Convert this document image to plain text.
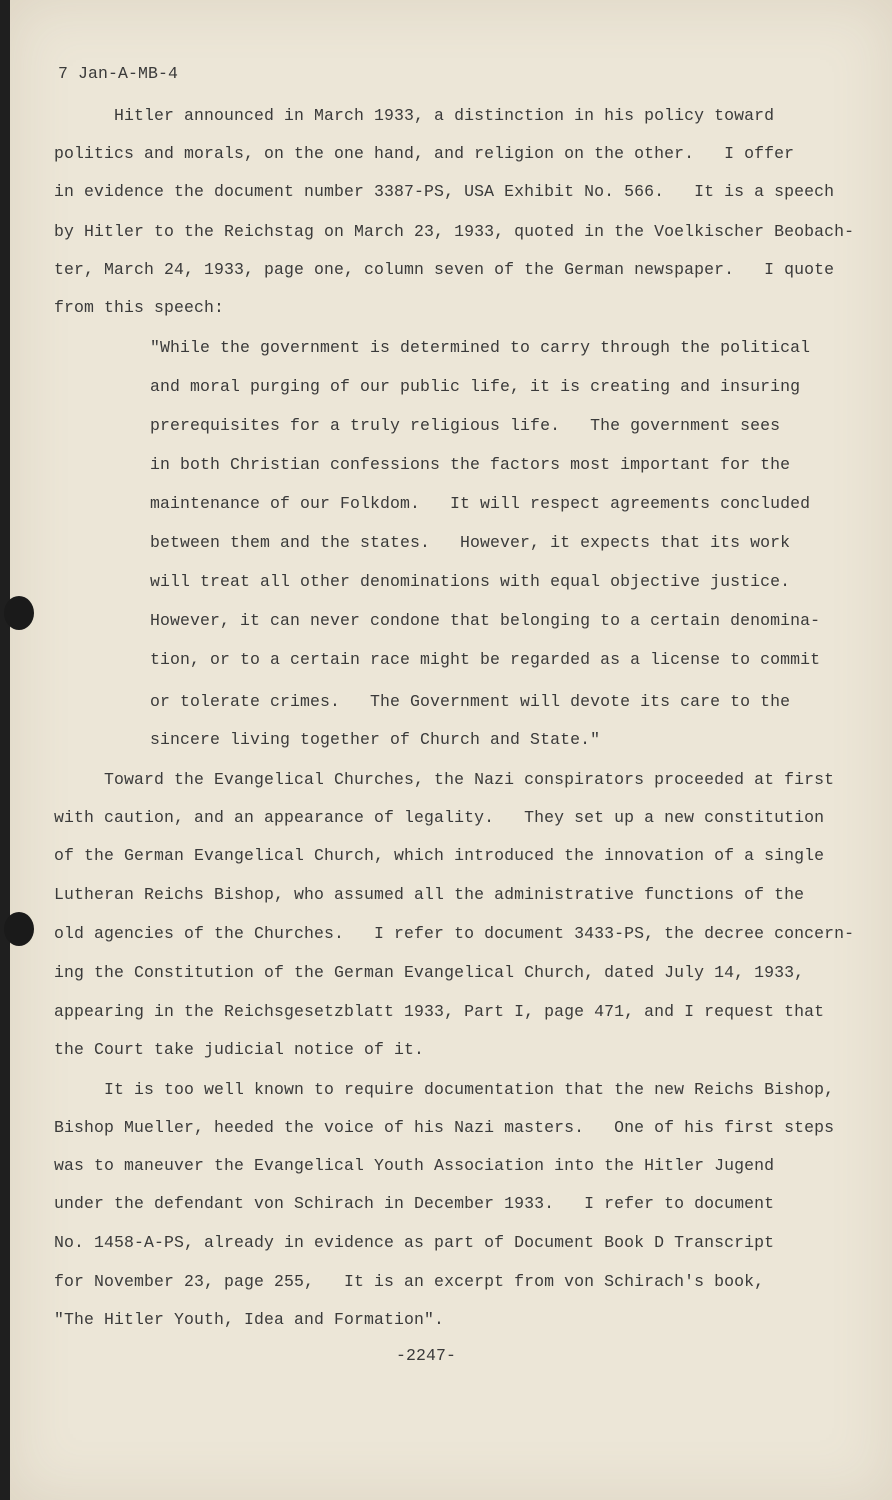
7 Jan-A-MB-4
Hitler announced in March 1933, a distinction in his policy toward
politics and morals, on the one hand, and religion on the other.   I offer
in evidence the document number 3387-PS, USA Exhibit No. 566.   It is a speech
by Hitler to the Reichstag on March 23, 1933, quoted in the Voelkischer Beobach-
ter, March 24, 1933, page one, column seven of the German newspaper.   I quote
from this speech:
"While the government is determined to carry through the political
and moral purging of our public life, it is creating and insuring
prerequisites for a truly religious life.   The government sees
in both Christian confessions the factors most important for the
maintenance of our Folkdom.   It will respect agreements concluded
between them and the states.   However, it expects that its work
will treat all other denominations with equal objective justice.
However, it can never condone that belonging to a certain denomina-
tion, or to a certain race might be regarded as a license to commit
or tolerate crimes.   The Government will devote its care to the
sincere living together of Church and State."
Toward the Evangelical Churches, the Nazi conspirators proceeded at first
with caution, and an appearance of legality.   They set up a new constitution
of the German Evangelical Church, which introduced the innovation of a single
Lutheran Reichs Bishop, who assumed all the administrative functions of the
old agencies of the Churches.   I refer to document 3433-PS, the decree concern-
ing the Constitution of the German Evangelical Church, dated July 14, 1933,
appearing in the Reichsgesetzblatt 1933, Part I, page 471, and I request that
the Court take judicial notice of it.
It is too well known to require documentation that the new Reichs Bishop,
Bishop Mueller, heeded the voice of his Nazi masters.   One of his first steps
was to maneuver the Evangelical Youth Association into the Hitler Jugend
under the defendant von Schirach in December 1933.   I refer to document
No. 1458-A-PS, already in evidence as part of Document Book D Transcript
for November 23, page 255,   It is an excerpt from von Schirach's book,
"The Hitler Youth, Idea and Formation".
-2247-
